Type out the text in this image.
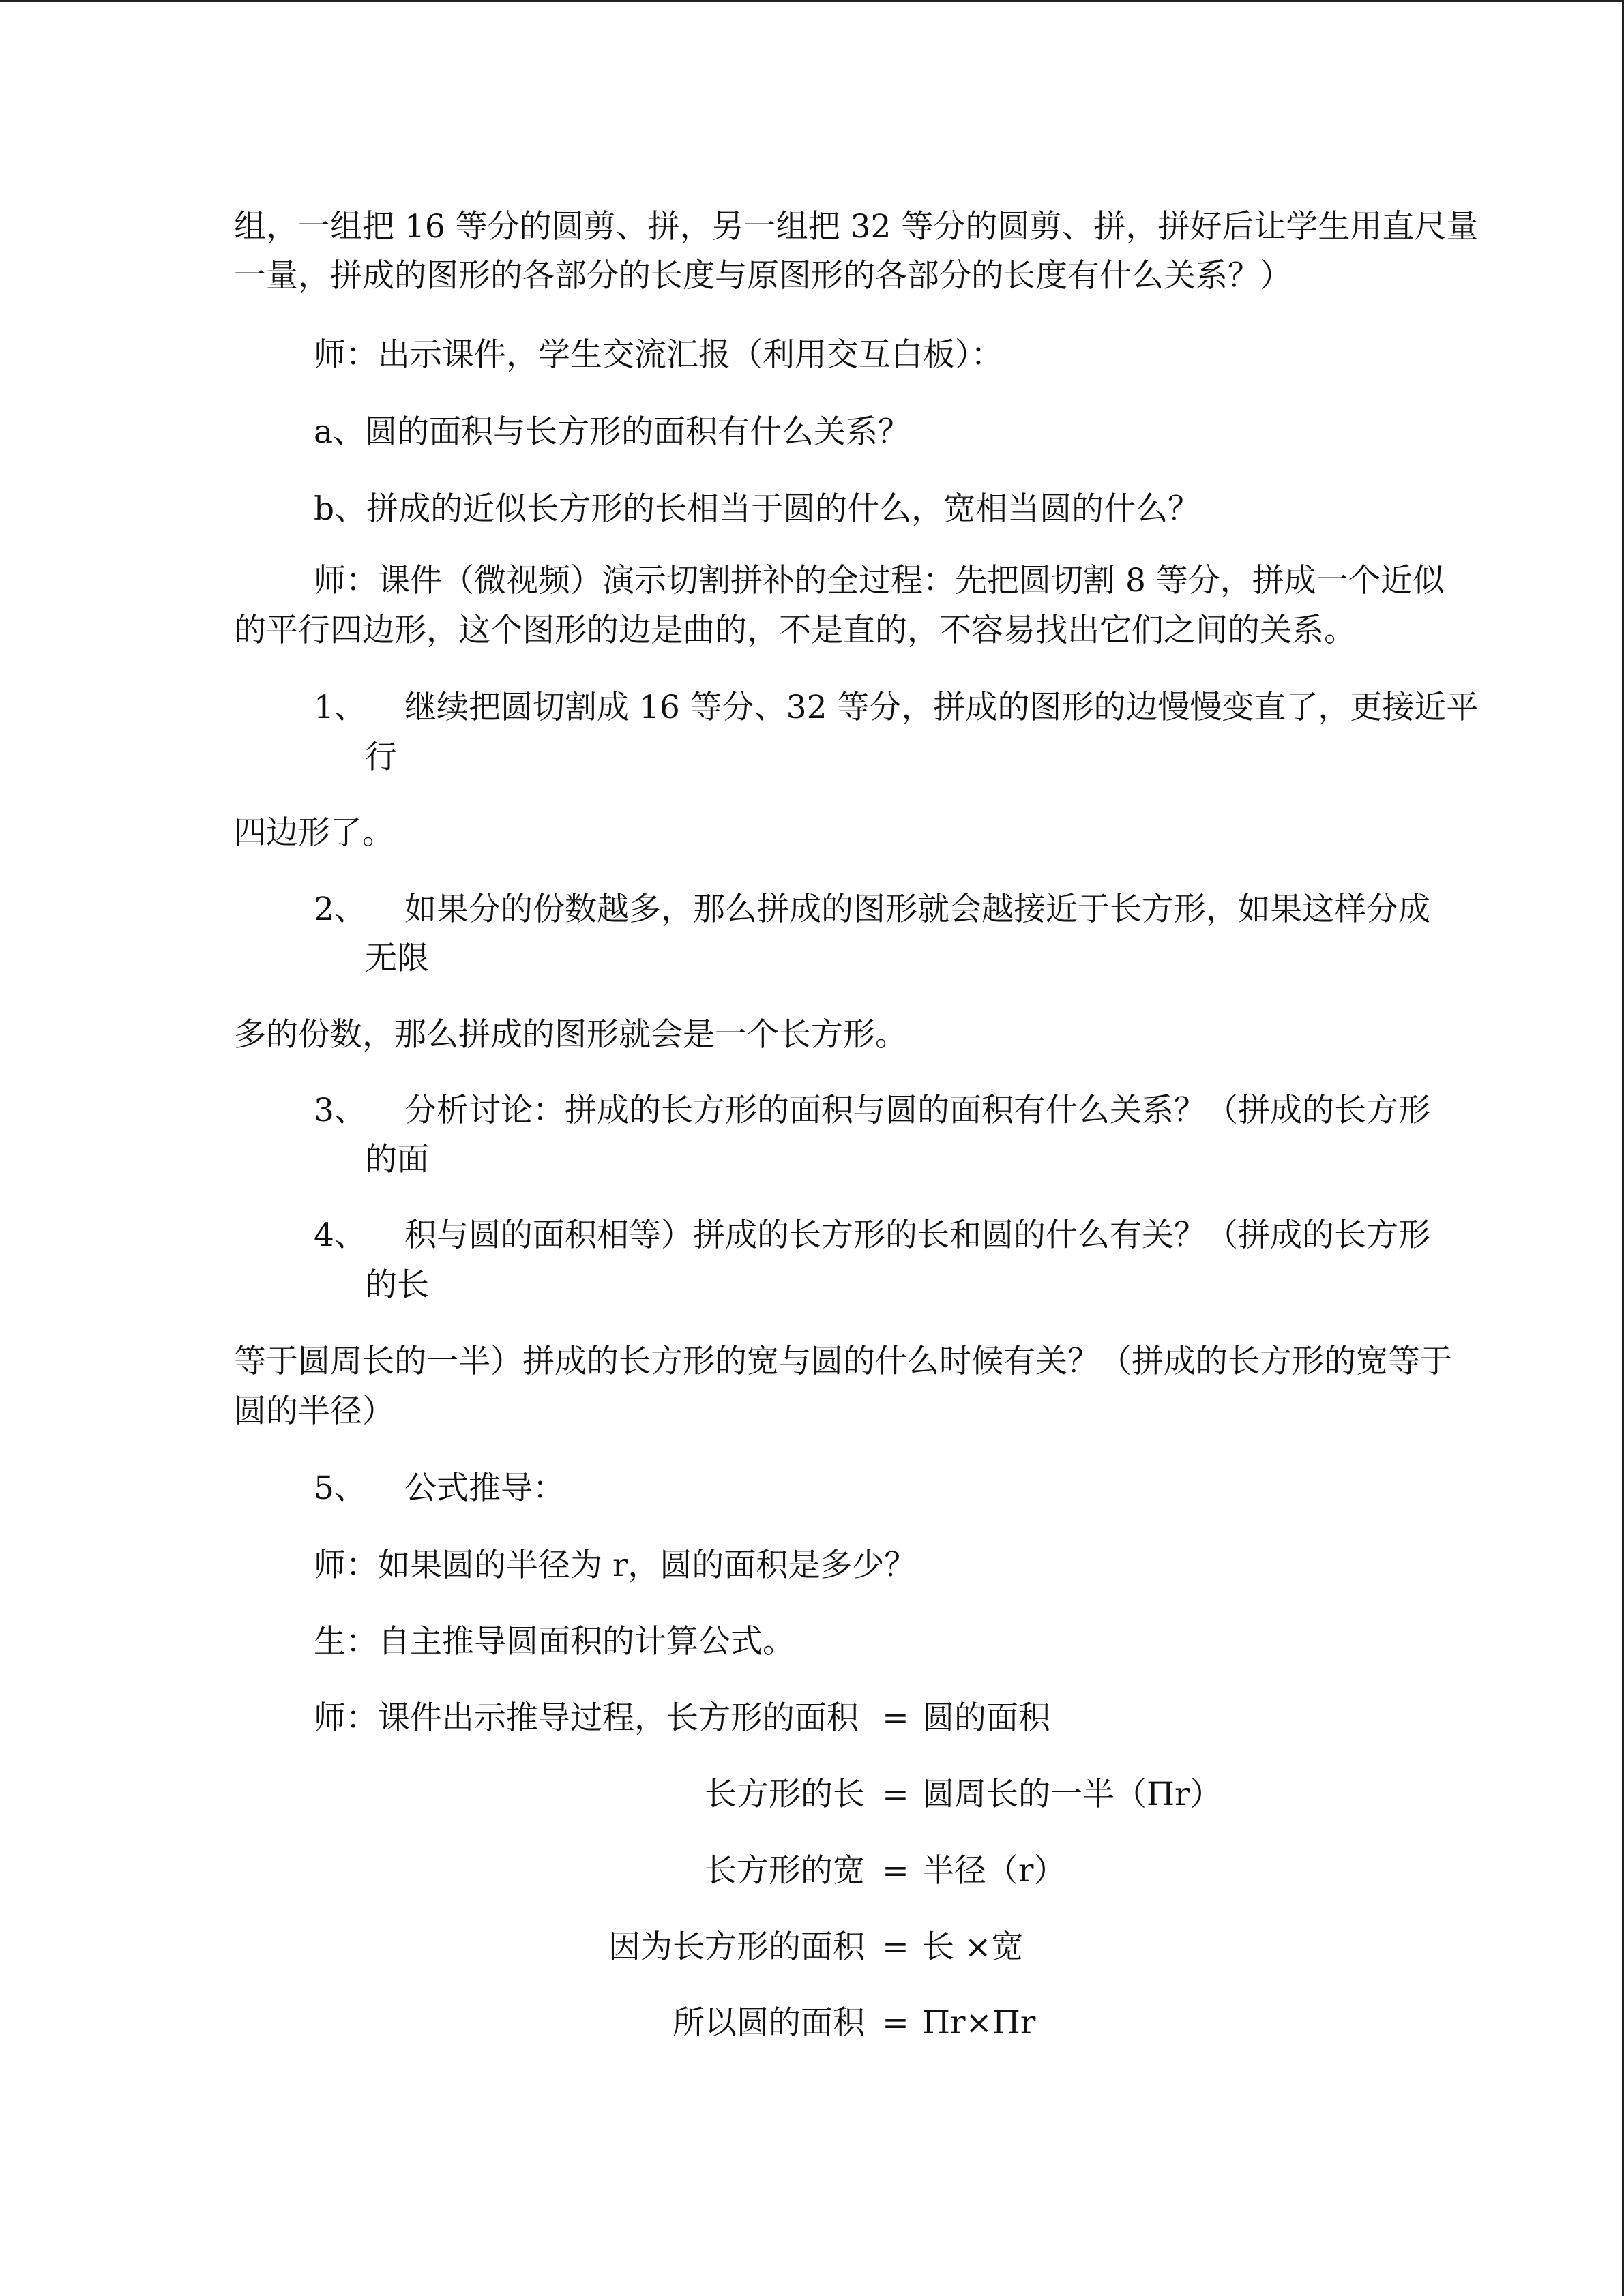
组，一组把 16 等分的圆剪、拼，另一组把 32 等分的圆剪、拼，拼好后让学生用直尺量
一量，拼成的图形的各部分的长度与原图形的各部分的长度有什么关系？）
师：出示课件，学生交流汇报（利用交互白板）：
a、圆的面积与长方形的面积有什么关系？
b、拼成的近似长方形的长相当于圆的什么，宽相当圆的什么？
师：课件（微视频）演示切割拼补的全过程：先把圆切割 8 等分，拼成一个近似
的平行四边形，这个图形的边是曲的，不是直的，不容易找出它们之间的关系。
1、 继续把圆切割成 16 等分、32 等分，拼成的图形的边慢慢变直了，更接近平
行
四边形了。
2、 如果分的份数越多，那么拼成的图形就会越接近于长方形，如果这样分成
无限
多的份数，那么拼成的图形就会是一个长方形。
3、 分析讨论：拼成的长方形的面积与圆的面积有什么关系？（拼成的长方形
的面
4、 积与圆的面积相等）拼成的长方形的长和圆的什么有关？（拼成的长方形
的长
等于圆周长的一半）拼成的长方形的宽与圆的什么时候有关？（拼成的长方形的宽等于
圆的半径）
5、 公式推导：
师：如果圆的半径为 r，圆的面积是多少？
生：自主推导圆面积的计算公式。
师：课件出示推导过程，长方形的面积 = 圆的面积
长方形的长 = 圆周长的一半（Πr）
长方形的宽 = 半径（r）
因为长方形的面积 = 长 ×宽
所以圆的面积 = Πr×Πr
